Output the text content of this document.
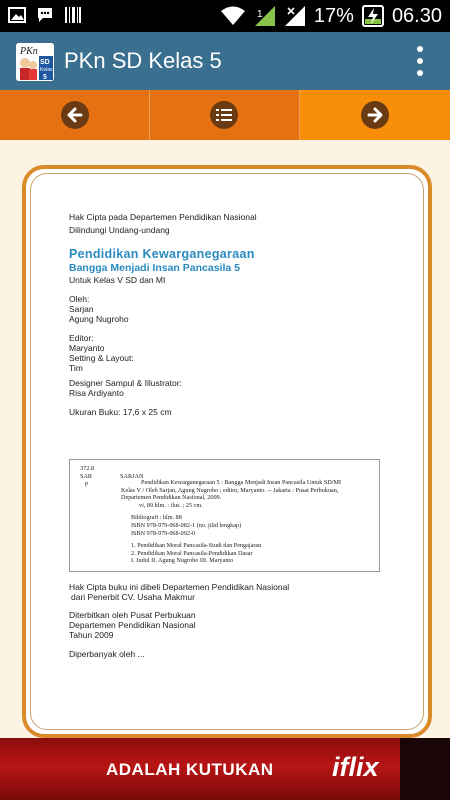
1	17% 06.30
PKn
SD
Kelas
5
PKn SD Kelas 5

Hak Cipta pada Departemen Pendidikan Nasional

Dilindungi Undang-undang

Pendidikan Kewarganegaraan

Bangga Menjadi Insan Pancasila 5

Untuk Kelas V SD dan MI

Oleh:

Sarjan

Agung Nugroho

Editor:

Maryanto

Setting & Layout:

Tim

Designer Sampul & Illustrator:

Risa Ardiyanto

Ukuran Buku: 17,6 x 25 cm

372.8
SAR	SARJAN
p	Pendidikan Kewarganegaraan 5 : Bangga Menjadi Insan Pancasila Untuk SD/MI
Kelas V / Oleh Sarjan, Agung Nugroho ; editor, Maryanto. -- Jakarta : Pusat Perbukuan,
Departemen Pendidikan Nasional, 2009.
vi, 89 hlm. : ilus. ; 25 cm.
Bibliografi : hlm. 88
ISBN 978-979-068-082-1 (no. jilid lengkap)
ISBN 978-979-068-092-0
1. Pendidikan Moral Pancasila-Studi dan Pengajaran
2. Pendidikan Moral Pancasila-Pendidikan Dasar
I. Judul II. Agung Nugroho III. Maryanto
Hak Cipta buku ini dibeli Departemen Pendidikan Nasional
dari Penerbit CV. Usaha Makmur
Diterbitkan oleh Pusat Perbukuan
Departemen Pendidikan Nasional
Tahun 2009
Diperbanyak oleh ...
ADALAH KUTUKAN iflix
